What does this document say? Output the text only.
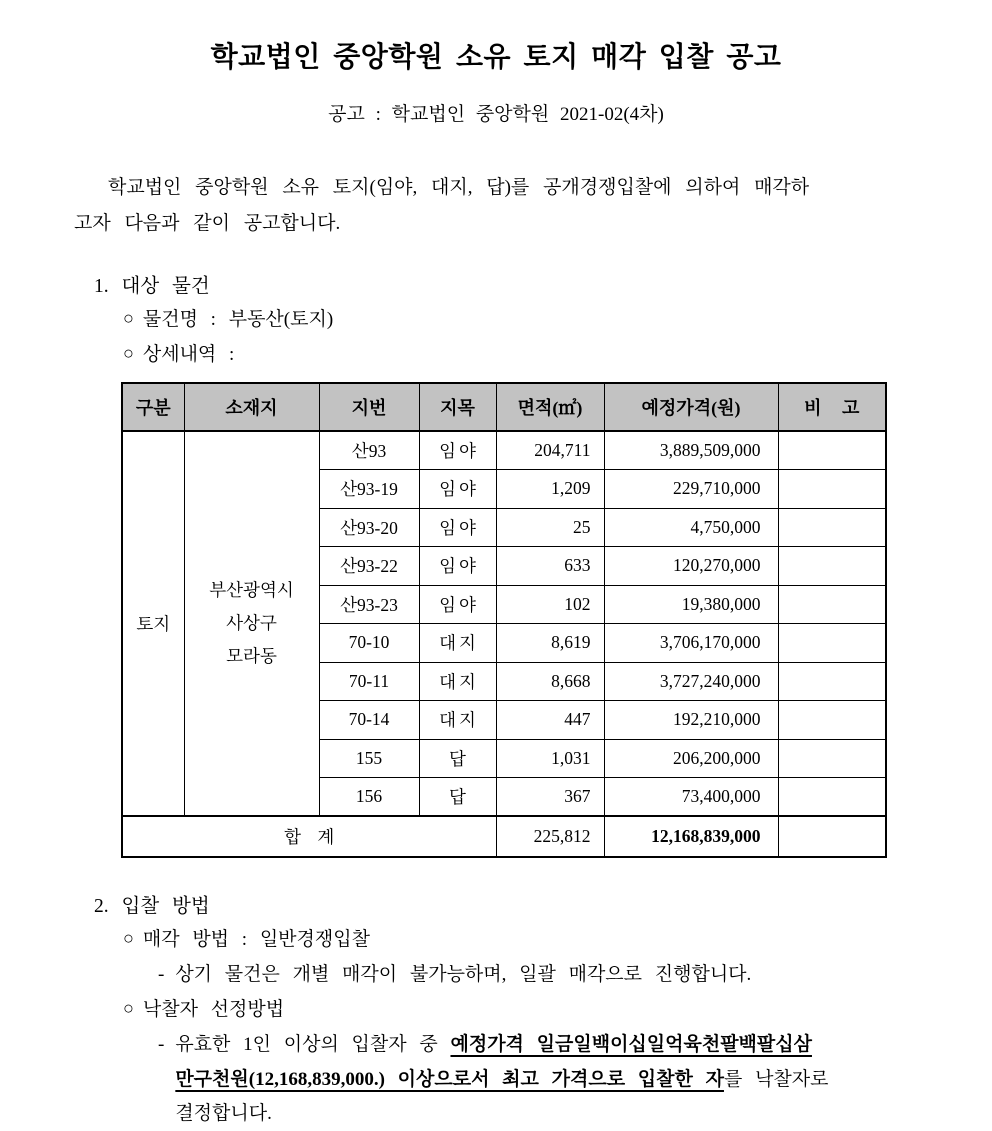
학교법인 중앙학원 소유 토지 매각 입찰 공고
공고 : 학교법인 중앙학원 2021-02(4차)

학교법인 중앙학원 소유 토지(임야, 대지, 답)를 공개경쟁입찰에 의하여 매각하
고자 다음과 같이 공고합니다.

1. 대상 물건
○ 물건명 : 부동산(토지)
○ 상세내역 :
구분	소재지	지번	지목	면적(㎡)	예정가격(원)	비 고
토지	부산광역시
사상구
모라동	산93	임야	204,711	3,889,509,000	
		산93-19	임야	1,209	229,710,000	
		산93-20	임야	25	4,750,000	
		산93-22	임야	633	120,270,000	
		산93-23	임야	102	19,380,000	
		70-10	대지	8,619	3,706,170,000	
		70-11	대지	8,668	3,727,240,000	
		70-14	대지	447	192,210,000	
		155	답	1,031	206,200,000	
		156	답	367	73,400,000	
합 계				225,812	12,168,839,000	
2. 입찰 방법
○ 매각 방법 : 일반경쟁입찰
- 상기 물건은 개별 매각이 불가능하며, 일괄 매각으로 진행합니다.
○ 낙찰자 선정방법
- 유효한 1인 이상의 입찰자 중 예정가격 일금일백이십일억육천팔백팔십삼
만구천원(12,168,839,000.) 이상으로서 최고 가격으로 입찰한 자를 낙찰자로
결정합니다.
